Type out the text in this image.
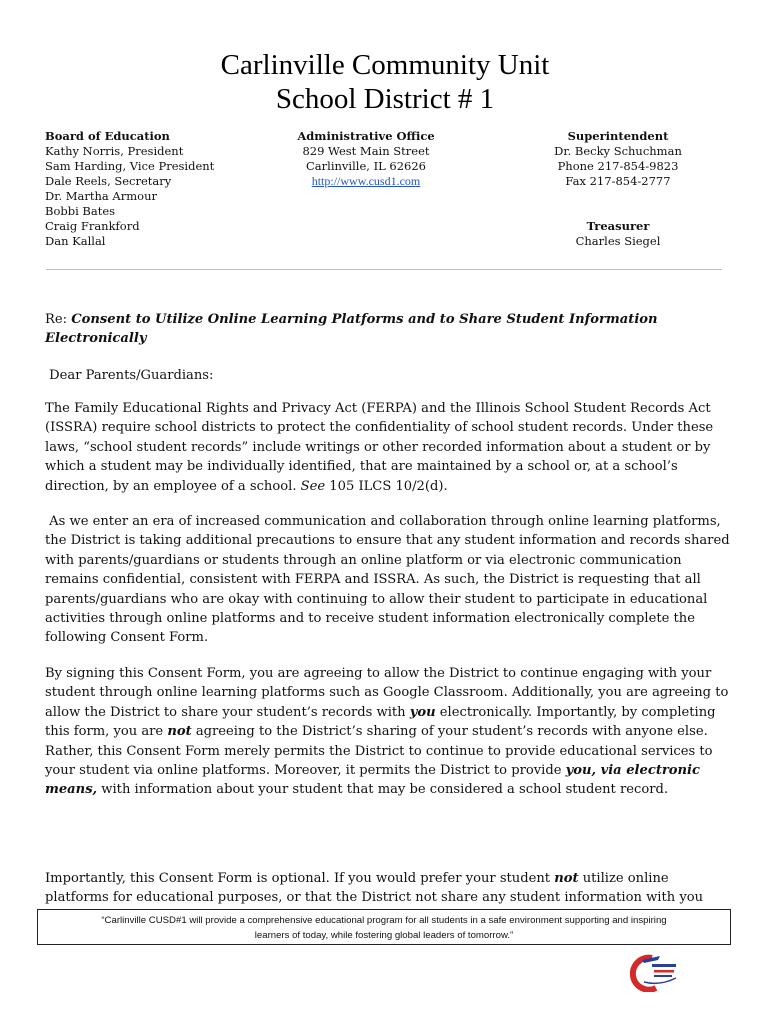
Carlinville Community Unit
School District # 1
Board of Education
Kathy Norris, President
Sam Harding, Vice President
Dale Reels, Secretary
Dr. Martha Armour
Bobbi Bates
Craig Frankford
Dan Kallal
Administrative Office
829 West Main Street
Carlinville, IL 62626
http://www.cusd1.com
Superintendent
Dr. Becky Schuchman
Phone 217-854-9823
Fax 217-854-2777
Treasurer
Charles Siegel
Re: Consent to Utilize Online Learning Platforms and to Share Student Information
Electronically
Dear Parents/Guardians:
The Family Educational Rights and Privacy Act (FERPA) and the Illinois School Student Records Act (ISSRA) require school districts to protect the confidentiality of school student records. Under these laws, “school student records” include writings or other recorded information about a student or by which a student may be individually identified, that are maintained by a school or, at a school’s direction, by an employee of a school. See 105 ILCS 10/2(d).
As we enter an era of increased communication and collaboration through online learning platforms, the District is taking additional precautions to ensure that any student information and records shared with parents/guardians or students through an online platform or via electronic communication remains confidential, consistent with FERPA and ISSRA. As such, the District is requesting that all parents/guardians who are okay with continuing to allow their student to participate in educational activities through online platforms and to receive student information electronically complete the following Consent Form.
By signing this Consent Form, you are agreeing to allow the District to continue engaging with your student through online learning platforms such as Google Classroom. Additionally, you are agreeing to allow the District to share your student’s records with you electronically. Importantly, by completing this form, you are not agreeing to the District’s sharing of your student’s records with anyone else. Rather, this Consent Form merely permits the District to continue to provide educational services to your student via online platforms. Moreover, it permits the District to provide you, via electronic means, with information about your student that may be considered a school student record.
Importantly, this Consent Form is optional. If you would prefer your student not utilize online platforms for educational purposes, or that the District not share any student information with you
“Carlinville CUSD#1 will provide a comprehensive educational program for all students in a safe environment supporting and inspiring
learners of today, while fostering global leaders of tomorrow.”
